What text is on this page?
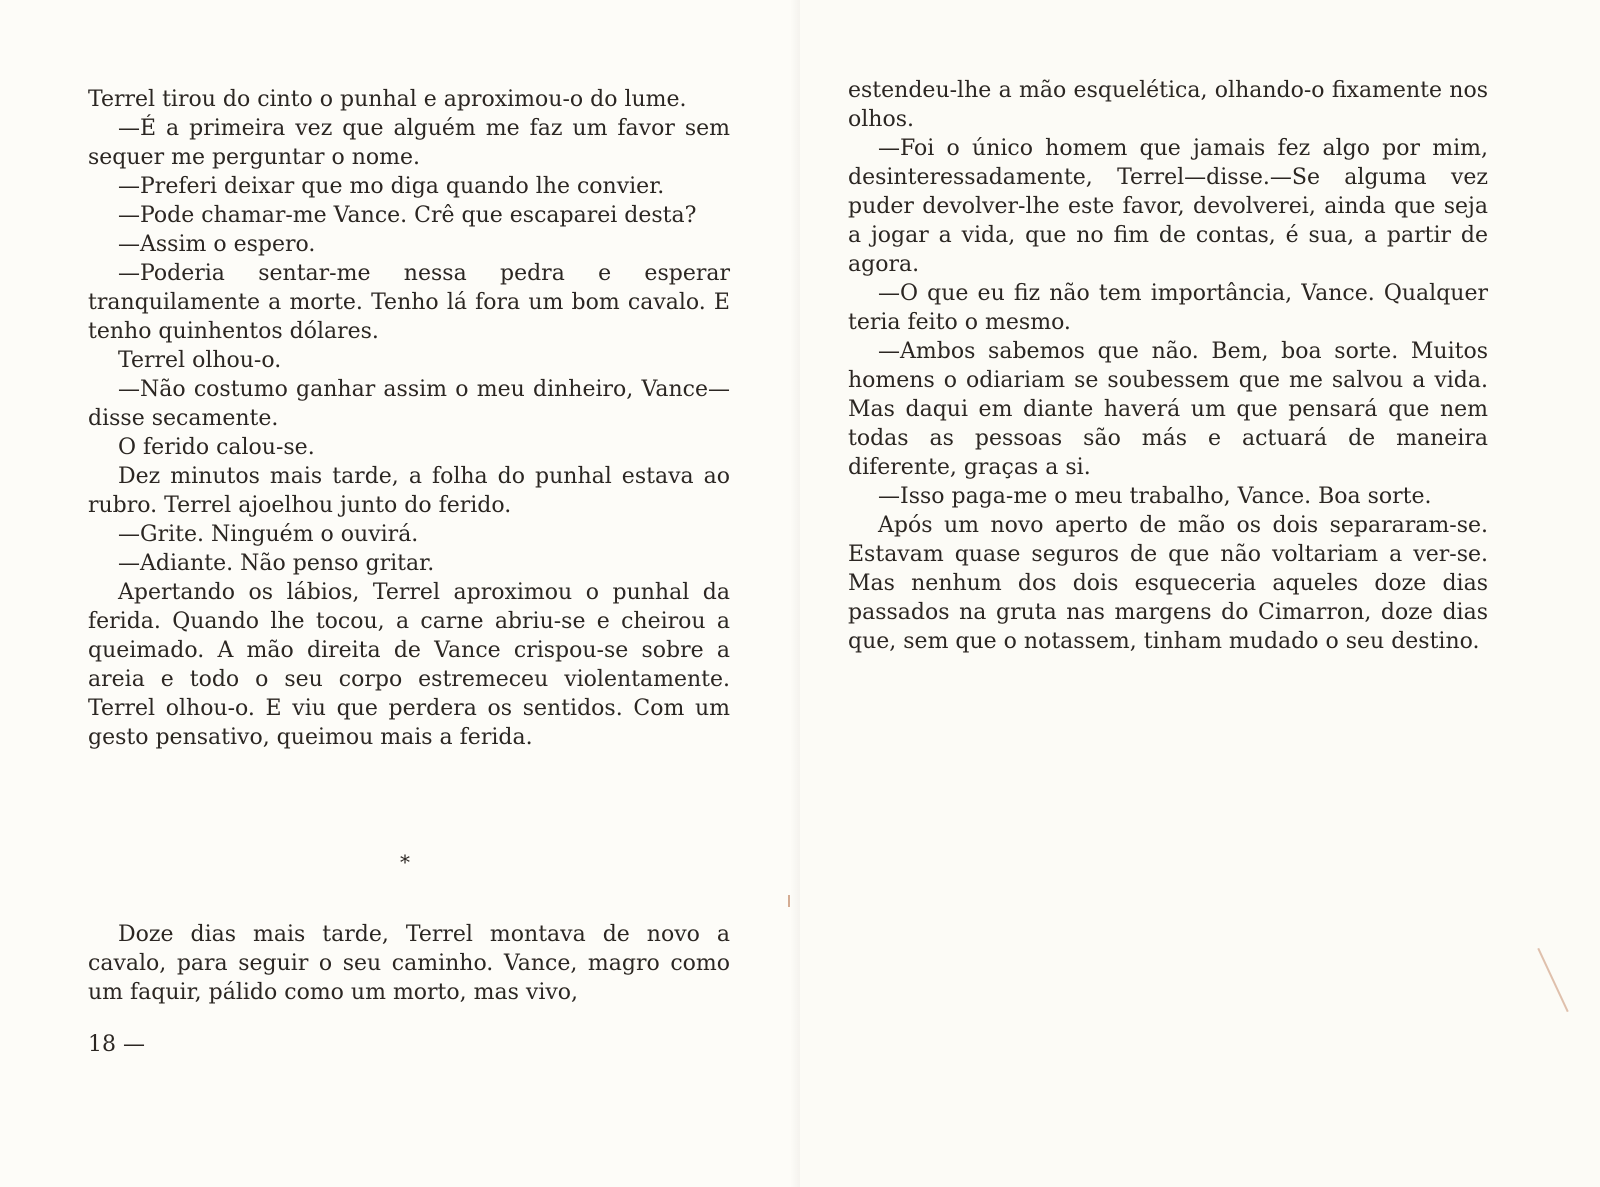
Terrel tirou do cinto o punhal e aproximou-o do lume.

—É a primeira vez que alguém me faz um favor sem sequer me perguntar o nome.

—Preferi deixar que mo diga quando lhe convier.

—Pode chamar-me Vance. Crê que escaparei desta?

—Assim o espero.

—Poderia sentar-me nessa pedra e esperar tranquilamente a morte. Tenho lá fora um bom cavalo. E tenho quinhentos dólares.

Terrel olhou-o.

—Não costumo ganhar assim o meu dinheiro, Vance—disse secamente.

O ferido calou-se.

Dez minutos mais tarde, a folha do punhal estava ao rubro. Terrel ajoelhou junto do ferido.

—Grite. Ninguém o ouvirá.

—Adiante. Não penso gritar.

Apertando os lábios, Terrel aproximou o punhal da ferida. Quando lhe tocou, a carne abriu-se e cheirou a queimado. A mão direita de Vance crispou-se sobre a areia e todo o seu corpo estremeceu violentamente. Terrel olhou-o. E viu que perdera os sentidos. Com um gesto pensativo, queimou mais a ferida.

*

Doze dias mais tarde, Terrel montava de novo a cavalo, para seguir o seu caminho. Vance, magro como um faquir, pálido como um morto, mas vivo,

18 —

estendeu-lhe a mão esquelética, olhando-o fixamente nos olhos.

—Foi o único homem que jamais fez algo por mim, desinteressadamente, Terrel—disse.—Se alguma vez puder devolver-lhe este favor, devolverei, ainda que seja a jogar a vida, que no fim de contas, é sua, a partir de agora.

—O que eu fiz não tem importância, Vance. Qualquer teria feito o mesmo.

—Ambos sabemos que não. Bem, boa sorte. Muitos homens o odiariam se soubessem que me salvou a vida. Mas daqui em diante haverá um que pensará que nem todas as pessoas são más e actuará de maneira diferente, graças a si.

—Isso paga-me o meu trabalho, Vance. Boa sorte.

Após um novo aperto de mão os dois separaram-se. Estavam quase seguros de que não voltariam a ver-se. Mas nenhum dos dois esqueceria aqueles doze dias passados na gruta nas margens do Cimarron, doze dias que, sem que o notassem, tinham mudado o seu destino.
